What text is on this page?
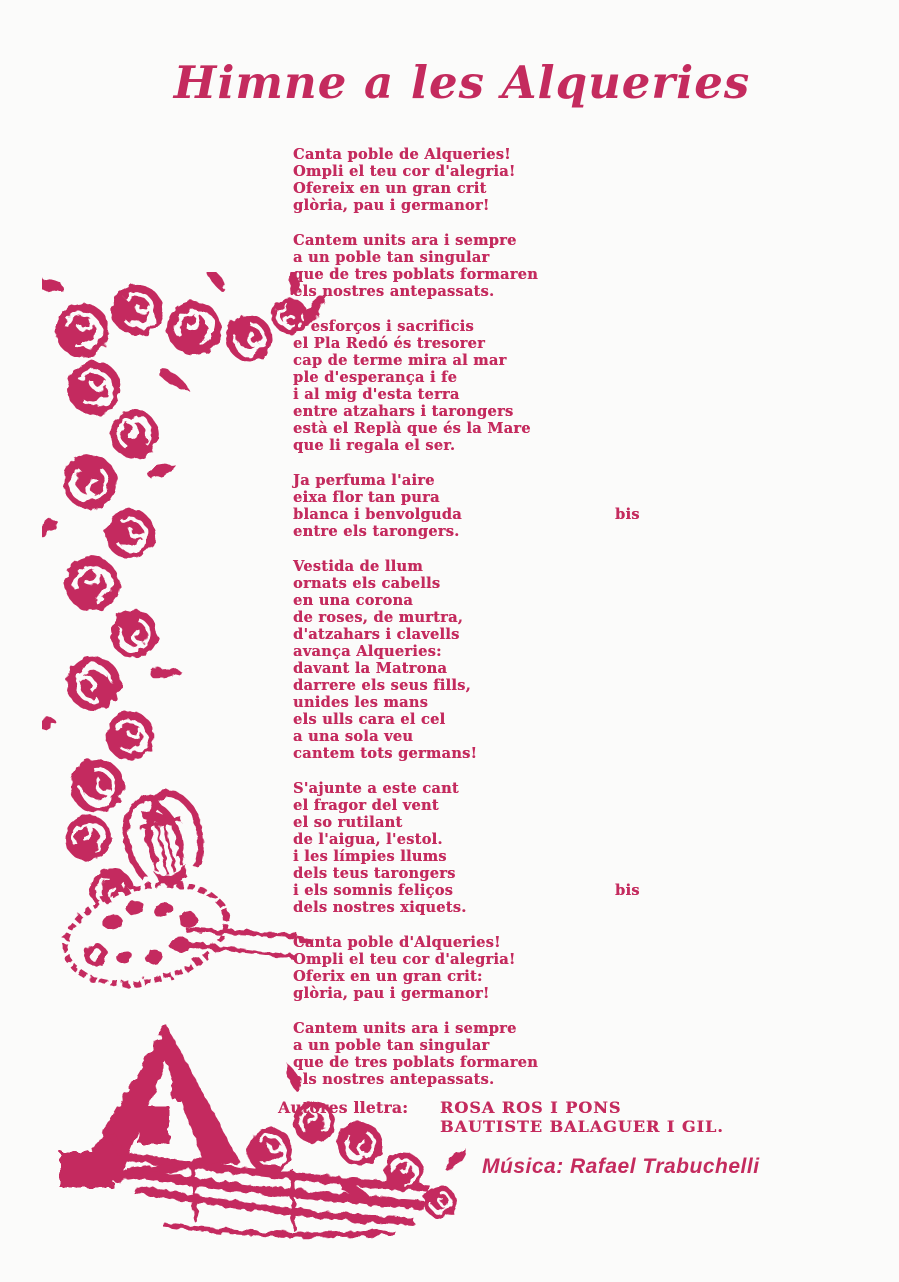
Himne a les Alqueries
Canta poble de Alqueries!
Ompli el teu cor d'alegria!
Ofereix en un gran crit
glòria, pau i germanor!
Cantem units ara i sempre
a un poble tan singular
que de tres poblats formaren
els nostres antepassats.
D'esforços i sacrificis
el Pla Redó és tresorer
cap de terme mira al mar
ple d'esperança i fe
i al mig d'esta terra
entre atzahars i tarongers
està el Replà que és la Mare
que li regala el ser.
Ja perfuma l'aire
eixa flor tan pura
blanca i benvolguda	bis
entre els tarongers.
Vestida de llum
ornats els cabells
en una corona
de roses, de murtra,
d'atzahars i clavells
avança Alqueries:
davant la Matrona
darrere els seus fills,
unides les mans
els ulls cara el cel
a una sola veu
cantem tots germans!
S'ajunte a este cant
el fragor del vent
el so rutilant
de l'aigua, l'estol.
i les límpies llums
dels teus tarongers
i els somnis feliços	bis
dels nostres xiquets.
Canta poble d'Alqueries!
Ompli el teu cor d'alegria!
Oferix en un gran crit:
glòria, pau i germanor!
Cantem units ara i sempre
a un poble tan singular
que de tres poblats formaren
els nostres antepassats.
Autores lletra:	ROSA ROS I PONS
BAUTISTE BALAGUER I GIL.
Música: Rafael Trabuchelli
